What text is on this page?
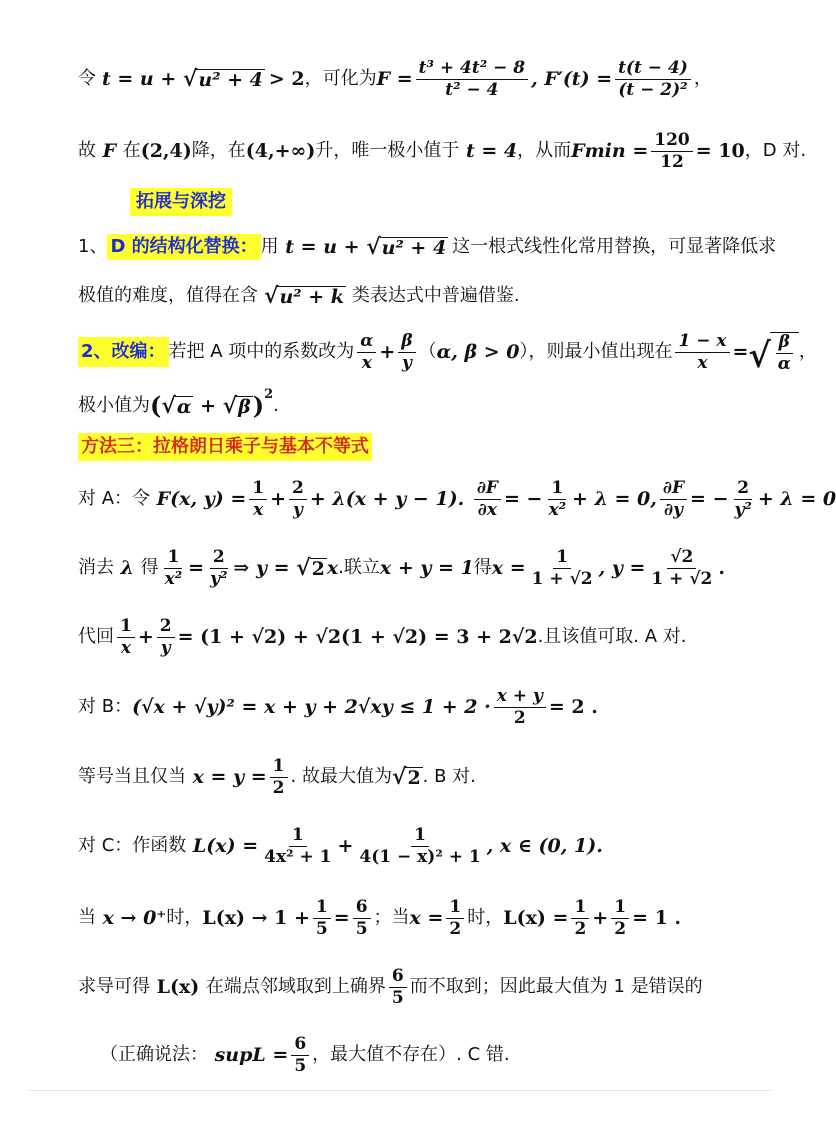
令 t = u + √ u² + 4 > 2 ，可化为 $F = \frac{\text{t³ + 4t² − 8}}{\text{t² − 4}}$ , $F'(t) = \frac{t(t - 4)}{\text{(t − 2)²}}$ ，
故 F 在 (2,4) 降，在 (4,+∞) 升，唯一极小值于 t = 4 ，从而 $Fmin = \frac{120}{12} = 10$ ，D 对.
拓展与深挖
1、 D 的结构化替换： 用 t = u + √ u² + 4 这一根式线性化常用替换，可显著降低求
极值的难度，值得在含 √ u² + k 类表达式中普遍借鉴.
2、改编： 若把 A 项中的系数改为 $\frac{\alpha}{x} + \frac{\beta}{y}$ （ α, β > 0 ），则最小值出现在 $\frac{1 - x}{x}$ = √ $\frac{\beta}{\alpha}$ ，
极小值为 ( √ α + √ β ) 2
.
方法三：拉格朗日乘子与基本不等式
对 A：令 F(x, $y) = \frac{1}{x} + \frac{2}{y} + \lambda(x + y - 1)$. $\frac{\partial F}{\partial x}$ = − $\frac{1}{\text{x²}} + \lambda = 0$, $\frac{\partial F}{\partial y}$ = − $\frac{2}{\text{y²}} + \lambda = 0$
消去 λ 得 $\frac{1}{\text{x²}} = \frac{2}{\text{y²}}$ ⇒ y = √ 2 x .联立 x + y = 1 得 $x = \frac{1}{1 + √2}$ , $y = \frac{√2}{1 + √2}$ .
代回 $\frac{1}{x} + \frac{2}{y} = (1 + √2) + √2(1 + √2) = 3 + 2√2$ .且该值可取. A 对.
对 B： $(√x + √y)^2 = x + y + 2√xy \le 1 + 2 \cdot \frac{x + y}{2} = 2$ .
等号当且仅当 $x = y = \frac{1}{2}$ . 故最大值为 √ 2 . B 对.
对 C：作函数 $L(x) = \frac{1}{\text{4x² + 1}} + \frac{1}{\text{4(1 − x)² + 1}}$ , x ∈ (0, 1).
当 x → 0⁺ 时， $L(x) \to 1 + \frac{1}{5} = \frac{6}{5}$ ；当 $x = \frac{1}{2}$ 时， $L(x) = \frac{1}{2} + \frac{1}{2} = 1$ .
求导可得 L(x) 在端点邻域取到上确界 $\frac{6}{5}$ 而不取到；因此最大值为 1 是错误的
（正确说法： supL = $\frac{6}{5}$ ，最大值不存在）. C 错.
